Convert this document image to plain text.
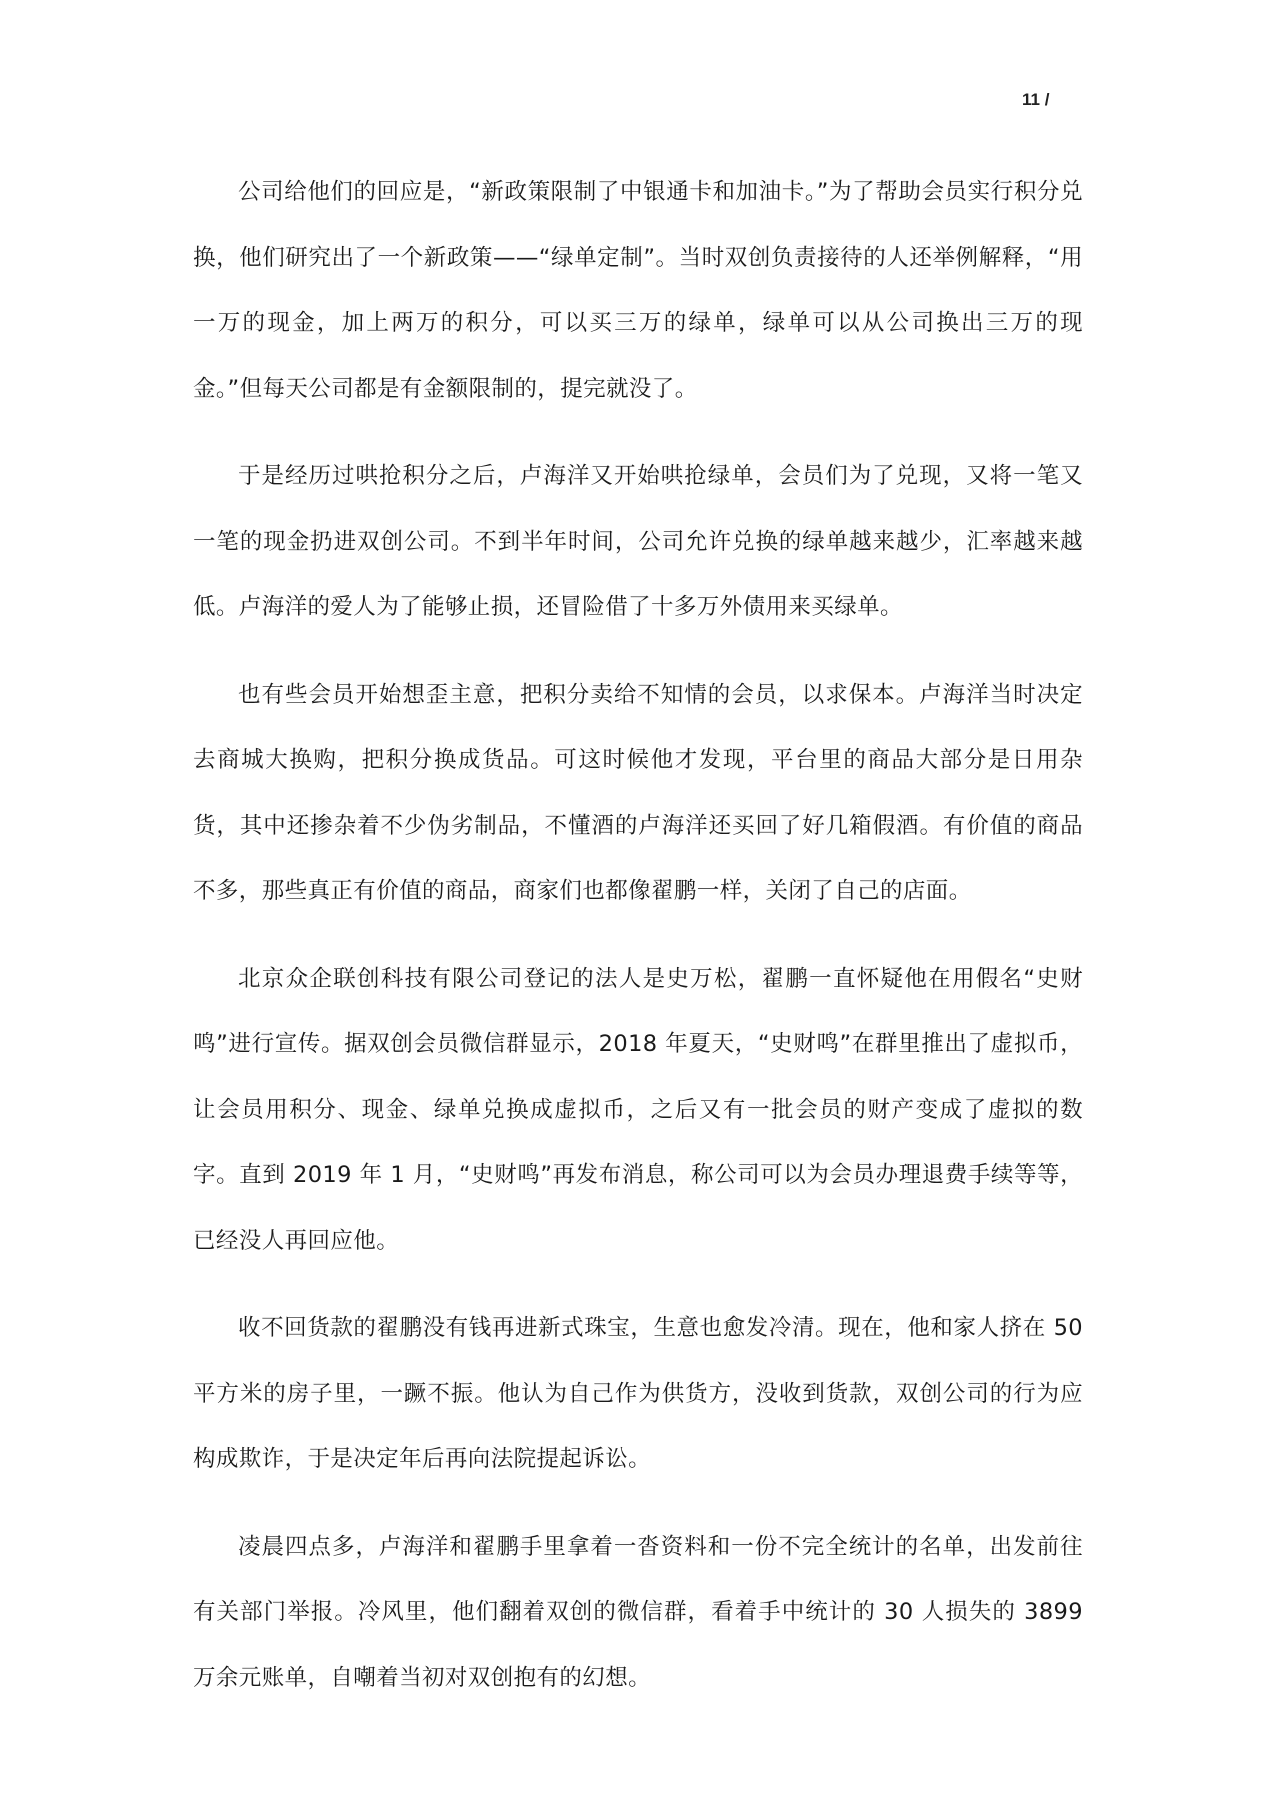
11 /

公司给他们的回应是，“新政策限制了中银通卡和加油卡。”为了帮助会员实行积分兑换，他们研究出了一个新政策——“绿单定制”。当时双创负责接待的人还举例解释，“用一万的现金，加上两万的积分，可以买三万的绿单，绿单可以从公司换出三万的现金。”但每天公司都是有金额限制的，提完就没了。

于是经历过哄抢积分之后，卢海洋又开始哄抢绿单，会员们为了兑现，又将一笔又一笔的现金扔进双创公司。不到半年时间，公司允许兑换的绿单越来越少，汇率越来越低。卢海洋的爱人为了能够止损，还冒险借了十多万外债用来买绿单。

也有些会员开始想歪主意，把积分卖给不知情的会员，以求保本。卢海洋当时决定去商城大换购，把积分换成货品。可这时候他才发现，平台里的商品大部分是日用杂货，其中还掺杂着不少伪劣制品，不懂酒的卢海洋还买回了好几箱假酒。有价值的商品不多，那些真正有价值的商品，商家们也都像翟鹏一样，关闭了自己的店面。

北京众企联创科技有限公司登记的法人是史万松，翟鹏一直怀疑他在用假名“史财鸣”进行宣传。据双创会员微信群显示，2018 年夏天，“史财鸣”在群里推出了虚拟币，让会员用积分、现金、绿单兑换成虚拟币，之后又有一批会员的财产变成了虚拟的数字。直到 2019 年 1 月，“史财鸣”再发布消息，称公司可以为会员办理退费手续等等，已经没人再回应他。

收不回货款的翟鹏没有钱再进新式珠宝，生意也愈发冷清。现在，他和家人挤在 50 平方米的房子里，一蹶不振。他认为自己作为供货方，没收到货款，双创公司的行为应构成欺诈，于是决定年后再向法院提起诉讼。

凌晨四点多，卢海洋和翟鹏手里拿着一沓资料和一份不完全统计的名单，出发前往有关部门举报。冷风里，他们翻着双创的微信群，看着手中统计的 30 人损失的 3899 万余元账单，自嘲着当初对双创抱有的幻想。
